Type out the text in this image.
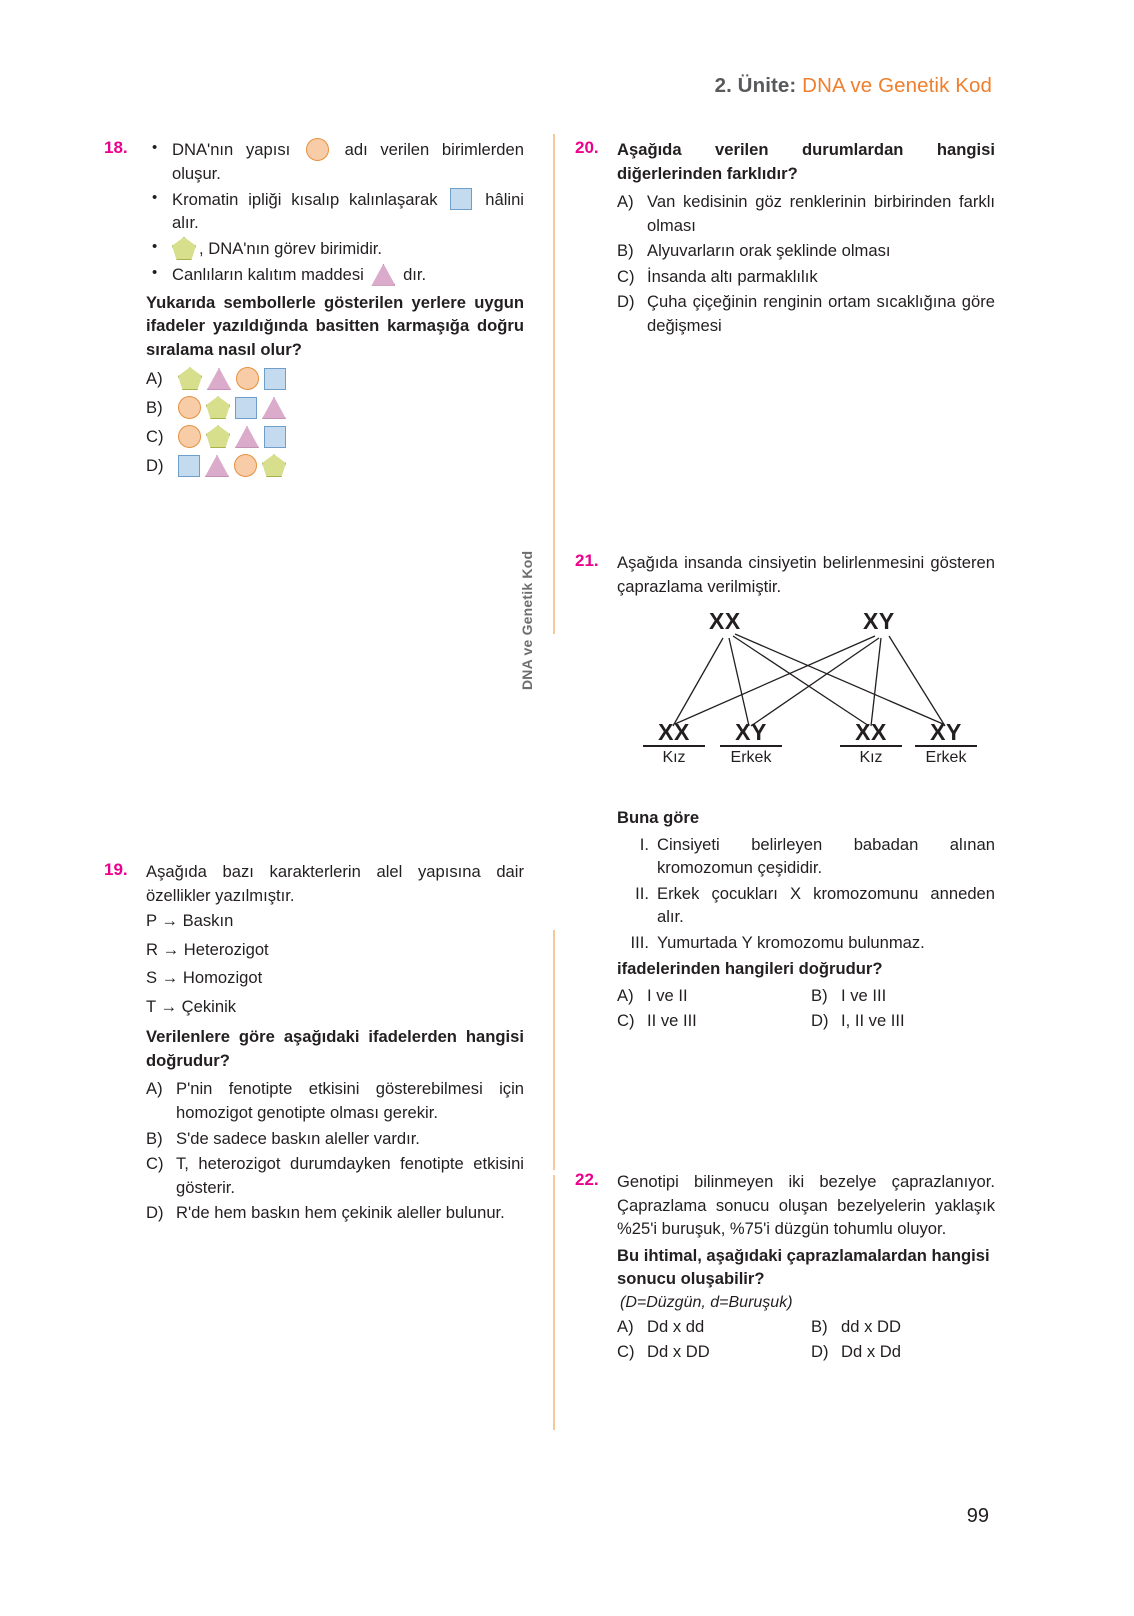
2. Ünite: DNA ve Genetik Kod
DNA ve Genetik Kod
18.	• DNA'nın yapısı	adı verilen birimlerden oluşur.
• Kromatin ipliği kısalıp kalınlaşarak	hâlini alır.
• , DNA'nın görev birimidir.
• Canlıların kalıtım maddesi dır.
Yukarıda sembollerle gösterilen yerlere uygun ifadeler yazıldığında basitten karmaşığa doğru sıralama nasıl olur?
A)
B)
C)
D)
19.	Aşağıda bazı karakterlerin alel yapısına dair özellikler yazılmıştır.
P → Baskın
R → Heterozigot
S → Homozigot
T → Çekinik
Verilenlere göre aşağıdaki ifadelerden hangisi doğrudur?
A) P'nin fenotipte etkisini gösterebilmesi için homozigot genotipte olması gerekir.
B) S'de sadece baskın aleller vardır.
C) T, heterozigot durumdayken fenotipte etkisini gösterir.
D) R'de hem baskın hem çekinik aleller bulunur.
20.	Aşağıda verilen durumlardan hangisi diğerlerinden farklıdır?
A) Van kedisinin göz renklerinin birbirinden farklı olması
B) Alyuvarların orak şeklinde olması
C) İnsanda altı parmaklılık
D) Çuha çiçeğinin renginin ortam sıcaklığına göre değişmesi
21.	Aşağıda insanda cinsiyetin belirlenmesini gösteren çaprazlama verilmiştir.
XX	XY
XX
Kız
XY
Erkek
XX
Kız
XY
Erkek
Buna göre
I. Cinsiyeti belirleyen babadan alınan kromozomun çeşididir.
II. Erkek çocukları X kromozomunu anneden alır.
III. Yumurtada Y kromozomu bulunmaz.
ifadelerinden hangileri doğrudur?
A) I ve II	B) I ve III
C) II ve III	D) I, II ve III
22.	Genotipi bilinmeyen iki bezelye çaprazlanıyor. Çaprazlama sonucu oluşan bezelyelerin yaklaşık %25'i buruşuk, %75'i düzgün tohumlu oluyor.
Bu ihtimal, aşağıdaki çaprazlamalardan hangisi sonucu oluşabilir?
(D=Düzgün, d=Buruşuk)
A) Dd x dd	B) dd x DD
C) Dd x DD	D) Dd x Dd
99
